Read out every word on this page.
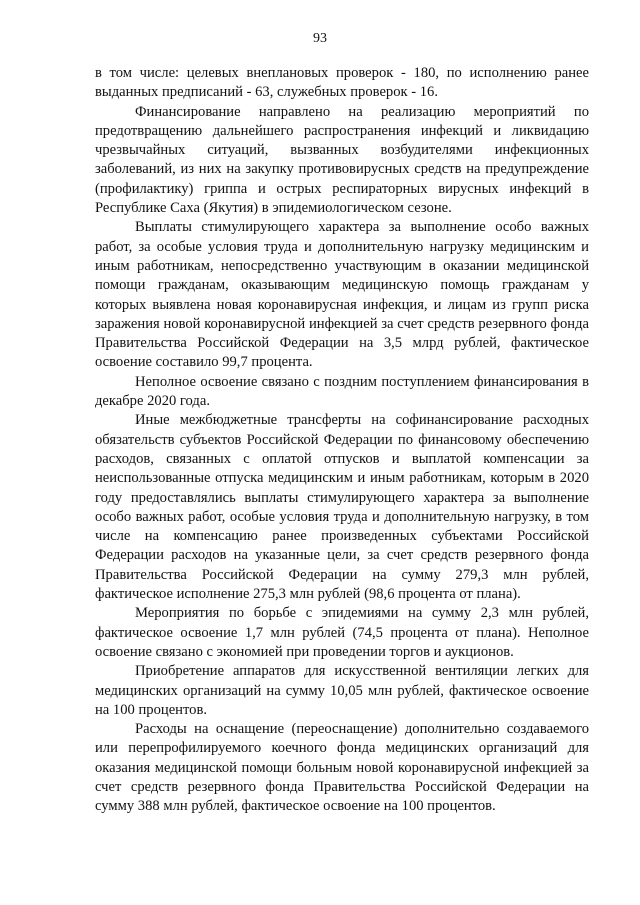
93

в том числе: целевых внеплановых проверок - 180, по исполнению ранее выданных предписаний - 63, служебных проверок - 16.

Финансирование направлено на реализацию мероприятий по предотвращению дальнейшего распространения инфекций и ликвидацию чрезвычайных ситуаций, вызванных возбудителями инфекционных заболеваний, из них на закупку противовирусных средств на предупреждение (профилактику) гриппа и острых респираторных вирусных инфекций в Республике Саха (Якутия) в эпидемиологическом сезоне.

Выплаты стимулирующего характера за выполнение особо важных работ, за особые условия труда и дополнительную нагрузку медицинским и иным работникам, непосредственно участвующим в оказании медицинской помощи гражданам, оказывающим медицинскую помощь гражданам у которых выявлена новая коронавирусная инфекция, и лицам из групп риска заражения новой коронавирусной инфекцией за счет средств резервного фонда Правительства Российской Федерации на 3,5 млрд рублей, фактическое освоение составило 99,7 процента.

Неполное освоение связано с поздним поступлением финансирования в декабре 2020 года.

Иные межбюджетные трансферты на софинансирование расходных обязательств субъектов Российской Федерации по финансовому обеспечению расходов, связанных с оплатой отпусков и выплатой компенсации за неиспользованные отпуска медицинским и иным работникам, которым в 2020 году предоставлялись выплаты стимулирующего характера за выполнение особо важных работ, особые условия труда и дополнительную нагрузку, в том числе на компенсацию ранее произведенных субъектами Российской Федерации расходов на указанные цели, за счет средств резервного фонда Правительства Российской Федерации на сумму 279,3 млн рублей, фактическое исполнение 275,3 млн рублей (98,6 процента от плана).

Мероприятия по борьбе с эпидемиями на сумму 2,3 млн рублей, фактическое освоение 1,7 млн рублей (74,5 процента от плана). Неполное освоение связано с экономией при проведении торгов и аукционов.

Приобретение аппаратов для искусственной вентиляции легких для медицинских организаций на сумму 10,05 млн рублей, фактическое освоение на 100 процентов.

Расходы на оснащение (переоснащение) дополнительно создаваемого или перепрофилируемого коечного фонда медицинских организаций для оказания медицинской помощи больным новой коронавирусной инфекцией за счет средств резервного фонда Правительства Российской Федерации на сумму 388 млн рублей, фактическое освоение на 100 процентов.
